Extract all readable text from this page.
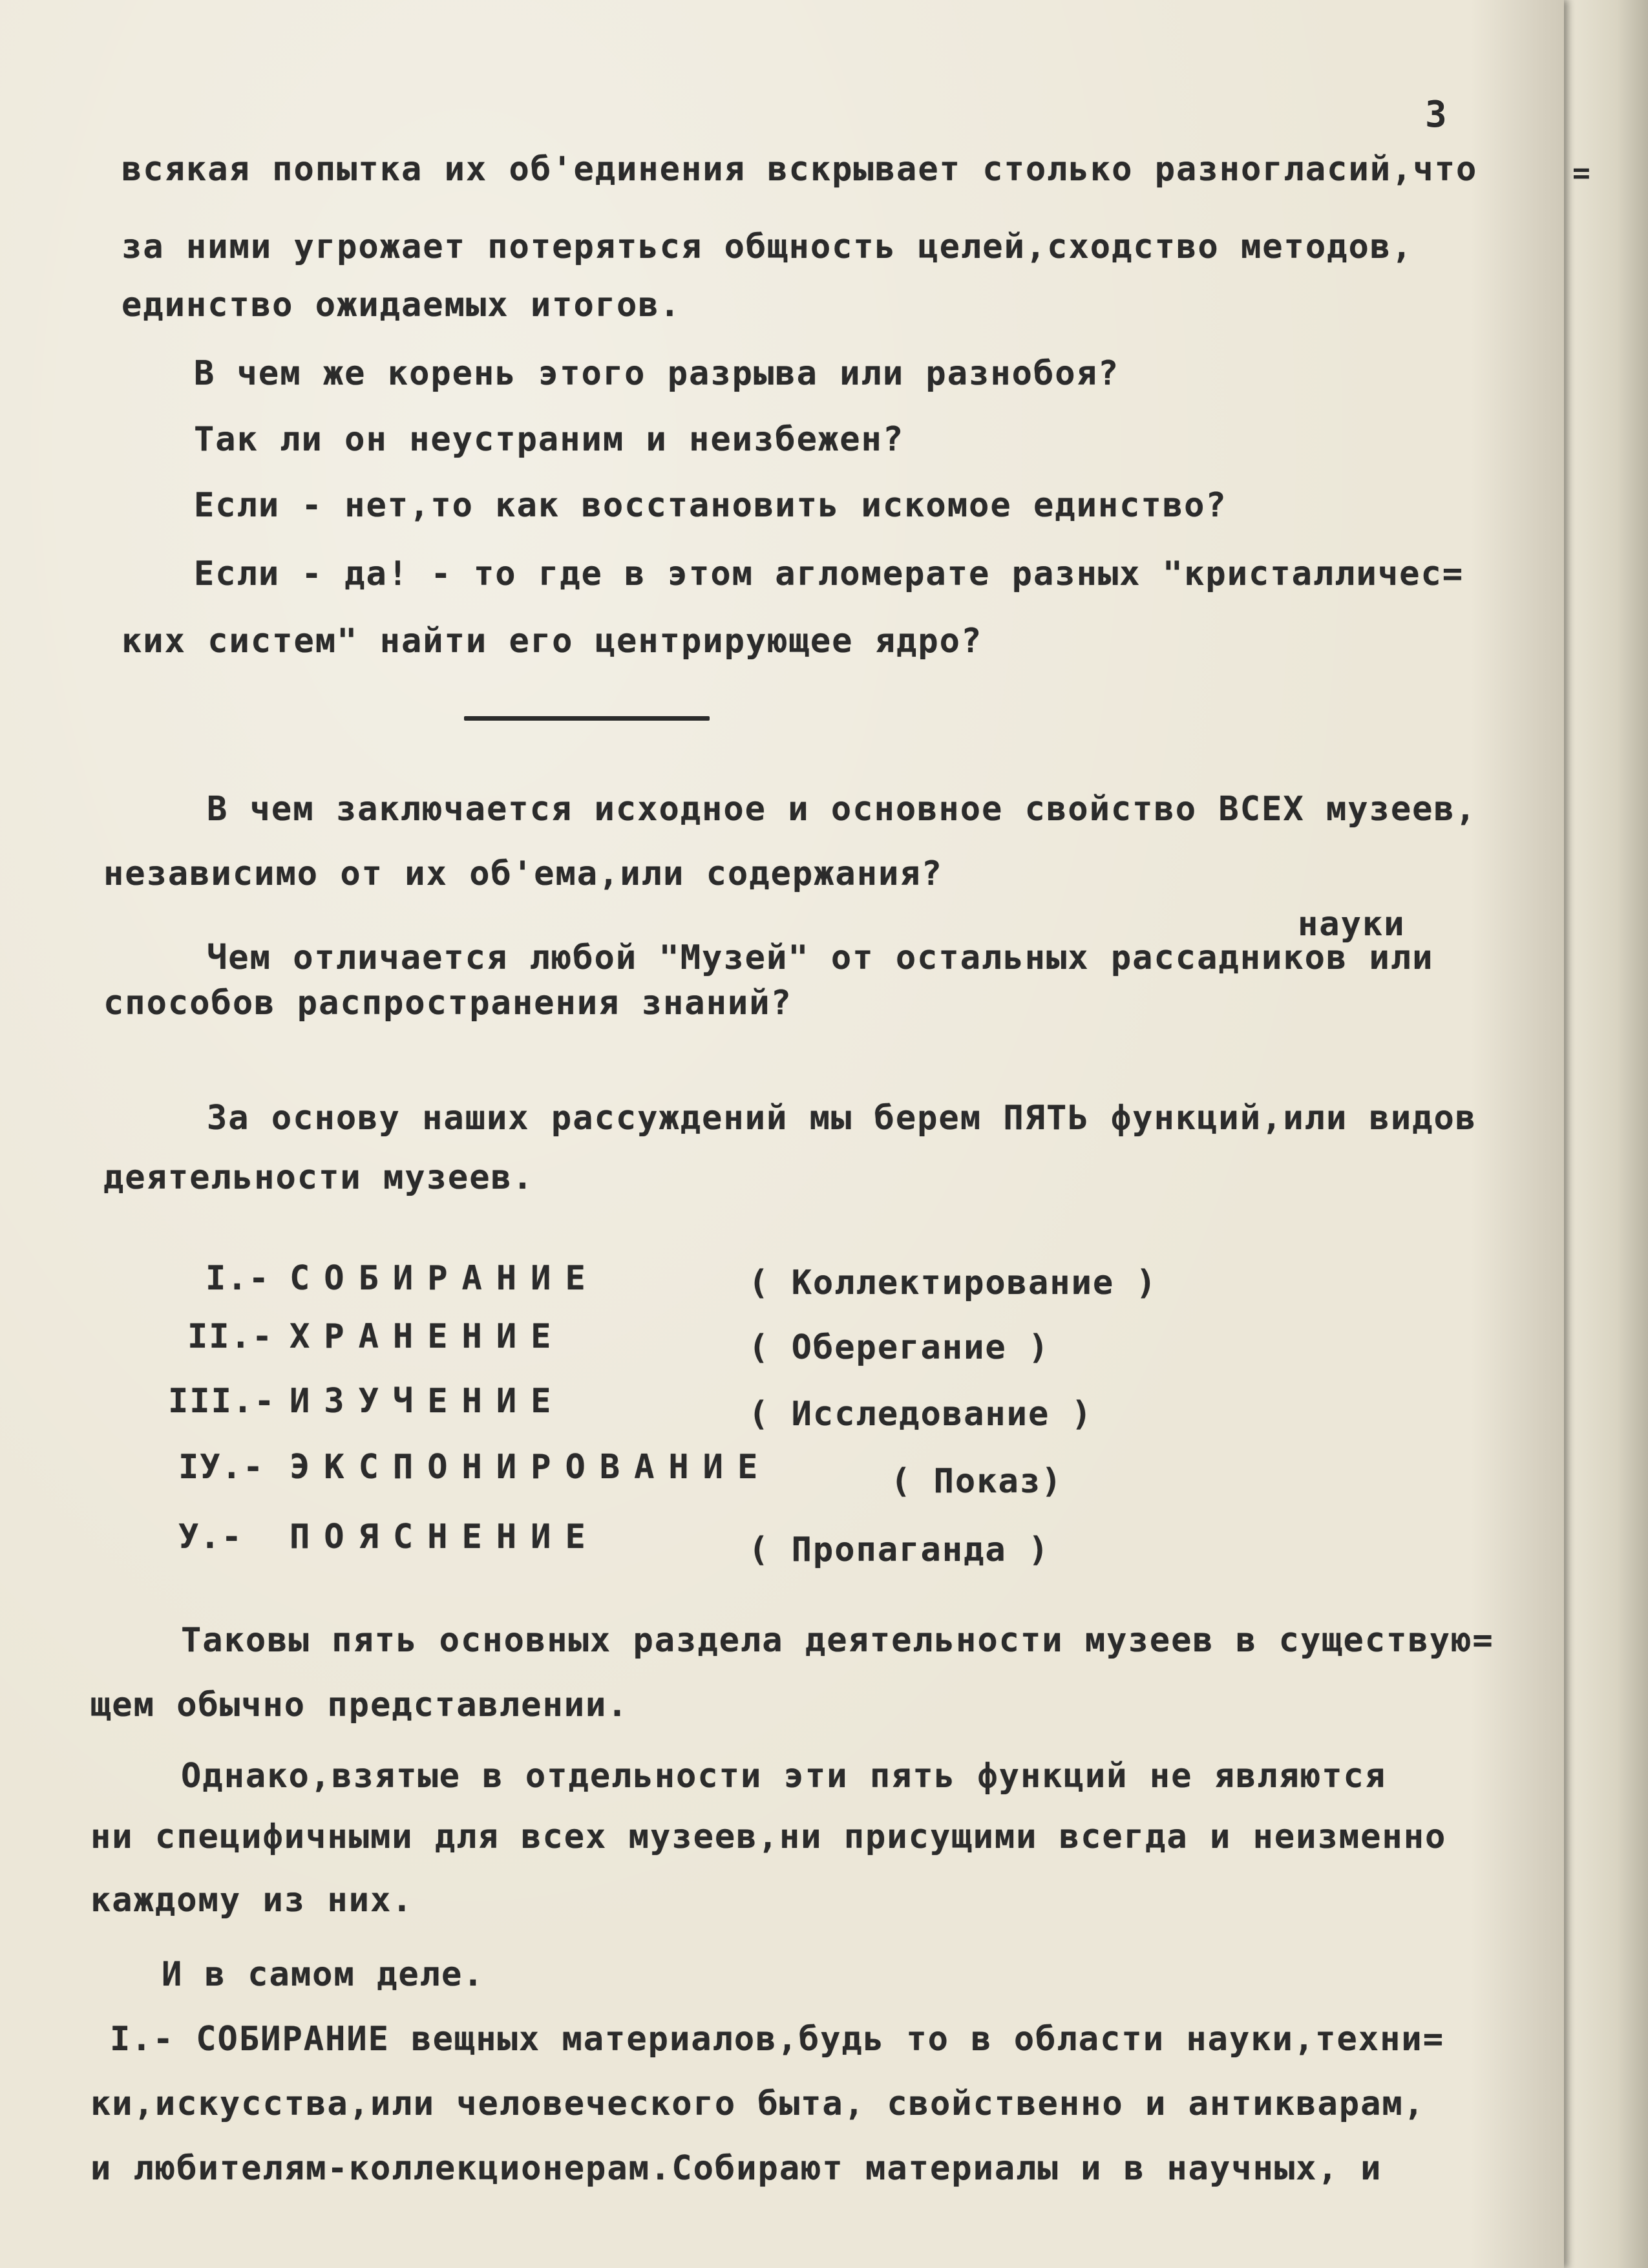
3
всякая попытка их об'единения вскрывает столько разногласий,что
за ними угрожает потеряться общность целей,сходство методов,
единство ожидаемых итогов.
В чем же корень этого разрыва или разнобоя?
Так ли он неустраним и неизбежен?
Если - нет,то как восстановить искомое единство?
Если - да! - то где в этом агломерате разных "кристалличес=
ких систем" найти его центрирующее ядро?
В чем заключается исходное и основное свойство ВСЕХ музеев,
независимо от их об'ема,или содержания?
науки
Чем отличается любой "Музей" от остальных рассадников или
способов распространения знаний?
За основу наших рассуждений мы берем ПЯТЬ функций,или видов
деятельности музеев.
I.- СОБИРАНИЕ	( Коллектирование )
II.- ХРАНЕНИЕ	( Оберегание )
III.- ИЗУЧЕНИЕ	( Исследование )
IУ.- ЭКСПОНИРОВАНИЕ	( Показ)
У.- ПОЯСНЕНИЕ	( Пропаганда )
Таковы пять основных раздела деятельности музеев в существую=
щем обычно представлении.
Однако,взятые в отдельности эти пять функций не являются
ни специфичными для всех музеев,ни присущими всегда и неизменно
каждому из них.
И в самом деле.
I.- СОБИРАНИЕ вещных материалов,будь то в области науки,техни=
ки,искусства,или человеческого быта, свойственно и антикварам,
и любителям-коллекционерам.Собирают материалы и в научных, и
=
